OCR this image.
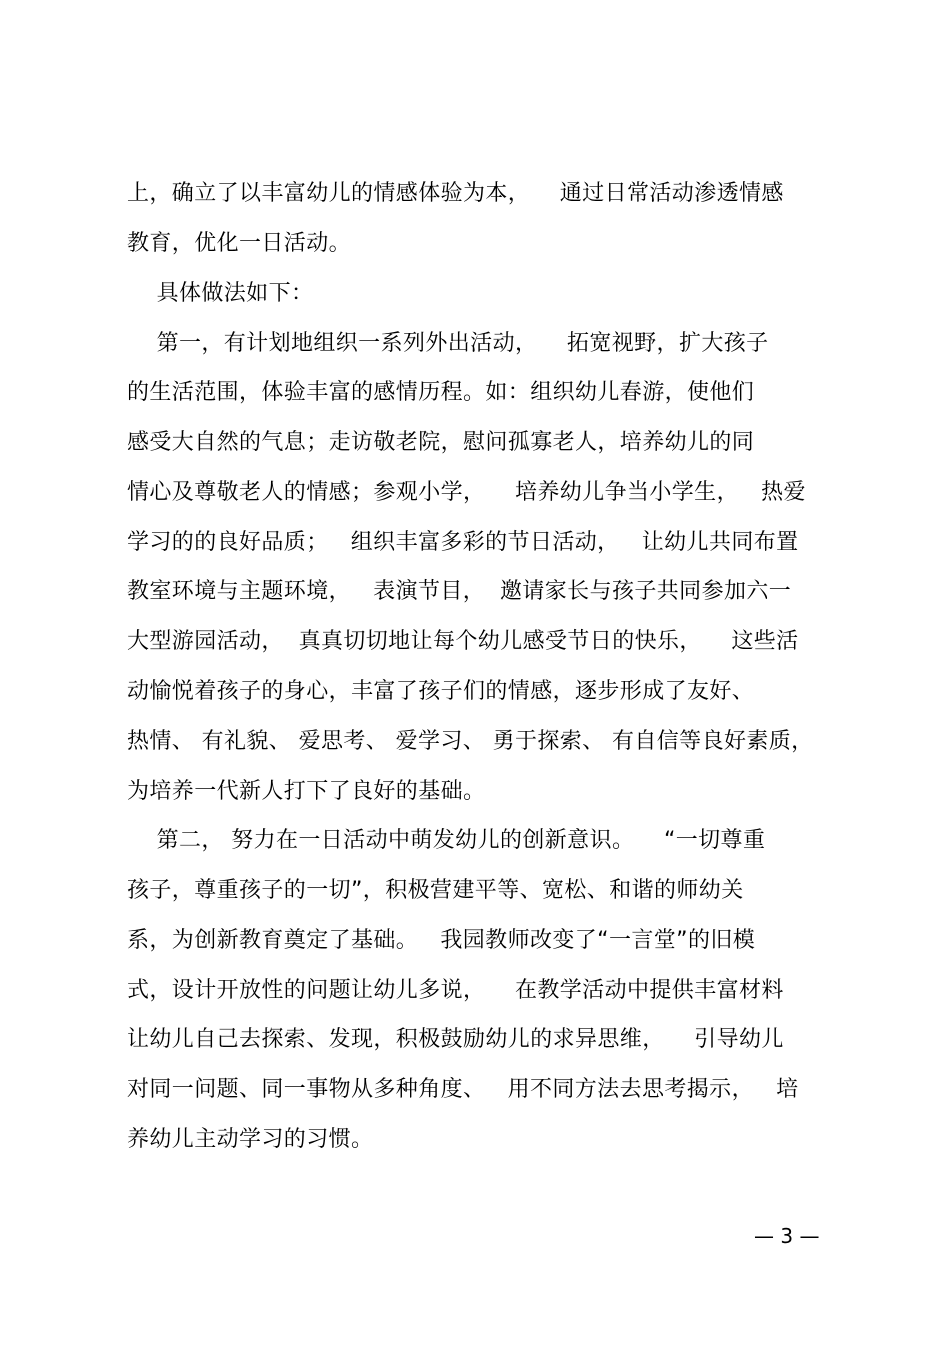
上，确立了以丰富幼儿的情感体验为本，    通过日常活动渗透情感
教育，优化一日活动。
具体做法如下：
第一，有计划地组织一系列外出活动，    拓宽视野，扩大孩子
的生活范围，体验丰富的感情历程。如：组织幼儿春游，使他们
感受大自然的气息；走访敬老院，慰问孤寡老人，培养幼儿的同
情心及尊敬老人的情感；参观小学，    培养幼儿争当小学生，   热爱
学习的的良好品质；   组织丰富多彩的节日活动，   让幼儿共同布置
教室环境与主题环境，   表演节目，  邀请家长与孩子共同参加六一
大型游园活动，  真真切切地让每个幼儿感受节日的快乐，    这些活
动愉悦着孩子的身心，丰富了孩子们的情感，逐步形成了友好、
热情、 有礼貌、 爱思考、 爱学习、 勇于探索、 有自信等良好素质，
为培养一代新人打下了良好的基础。
第二， 努力在一日活动中萌发幼儿的创新意识。    “一切尊重
孩子，尊重孩子的一切”，积极营建平等、宽松、和谐的师幼关
系，为创新教育奠定了基础。   我园教师改变了“一言堂”的旧模
式，设计开放性的问题让幼儿多说，    在教学活动中提供丰富材料
让幼儿自己去探索、发现，积极鼓励幼儿的求异思维，    引导幼儿
对同一问题、同一事物从多种角度、   用不同方法去思考揭示，   培
养幼儿主动学习的习惯。
— 3 —
